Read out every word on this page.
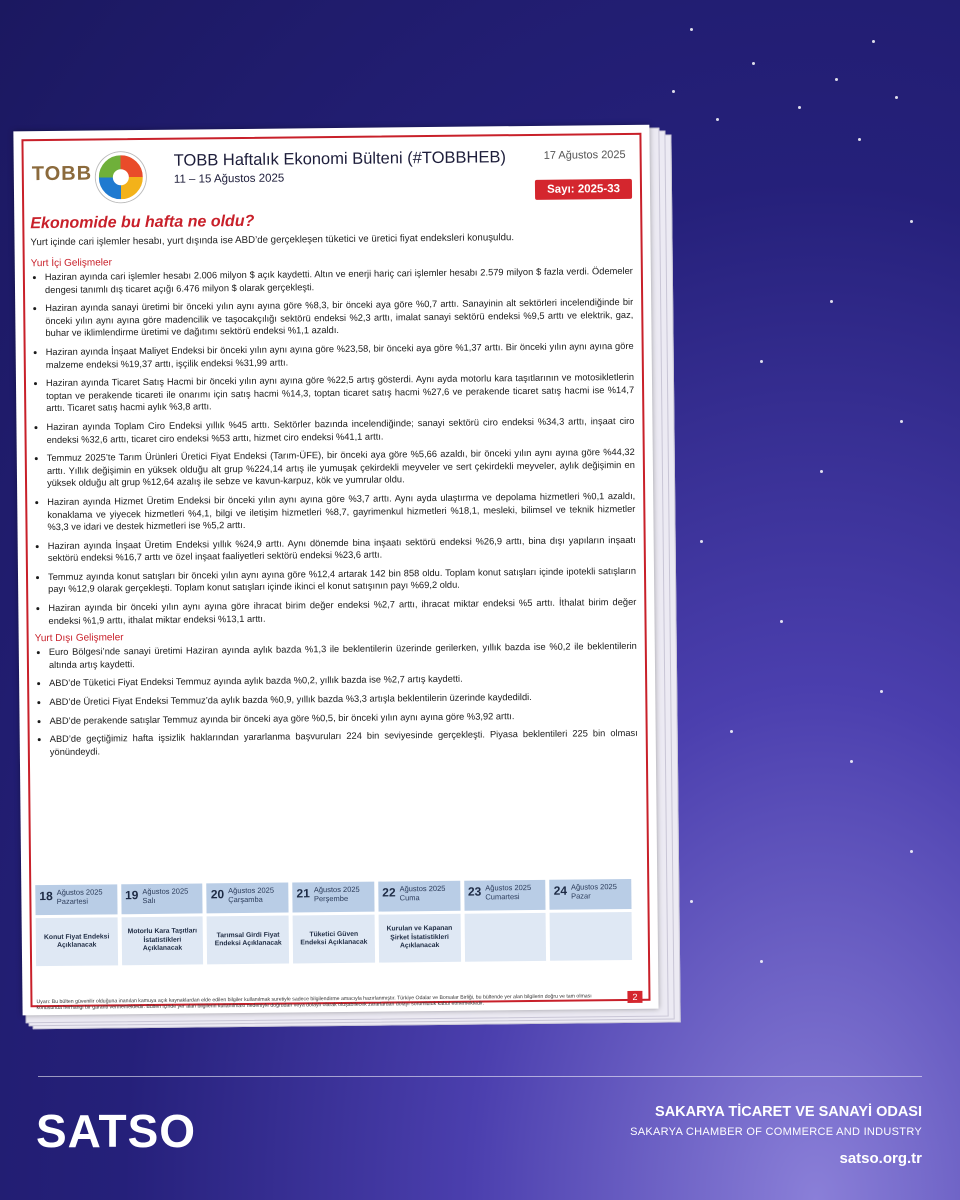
TOBB
TOBB Haftalık Ekonomi Bülteni (#TOBBHEB)
11 – 15 Ağustos 2025
17 Ağustos 2025
Sayı: 2025-33

Ekonomide bu hafta ne oldu?

Yurt içinde cari işlemler hesabı, yurt dışında ise ABD’de gerçekleşen tüketici ve üretici fiyat endeksleri konuşuldu.

Yurt İçi Gelişmeler
• Haziran ayında cari işlemler hesabı 2.006 milyon $ açık kaydetti. Altın ve enerji hariç cari işlemler hesabı 2.579 milyon $ fazla verdi. Ödemeler dengesi tanımlı dış ticaret açığı 6.476 milyon $ olarak gerçekleşti.
• Haziran ayında sanayi üretimi bir önceki yılın aynı ayına göre %8,3, bir önceki aya göre %0,7 arttı. Sanayinin alt sektörleri incelendiğinde bir önceki yılın aynı ayına göre madencilik ve taşocakçılığı sektörü endeksi %2,3 arttı, imalat sanayi sektörü endeksi %9,5 arttı ve elektrik, gaz, buhar ve iklimlendirme üretimi ve dağıtımı sektörü endeksi %1,1 azaldı.
• Haziran ayında İnşaat Maliyet Endeksi bir önceki yılın aynı ayına göre %23,58, bir önceki aya göre %1,37 arttı. Bir önceki yılın aynı ayına göre malzeme endeksi %19,37 arttı, işçilik endeksi %31,99 arttı.
• Haziran ayında Ticaret Satış Hacmi bir önceki yılın aynı ayına göre %22,5 artış gösterdi. Aynı ayda motorlu kara taşıtlarının ve motosikletlerin toptan ve perakende ticareti ile onarımı için satış hacmi %14,3, toptan ticaret satış hacmi %27,6 ve perakende ticaret satış hacmi ise %14,7 arttı. Ticaret satış hacmi aylık %3,8 arttı.
• Haziran ayında Toplam Ciro Endeksi yıllık %45 arttı. Sektörler bazında incelendiğinde; sanayi sektörü ciro endeksi %34,3 arttı, inşaat ciro endeksi %32,6 arttı, ticaret ciro endeksi %53 arttı, hizmet ciro endeksi %41,1 arttı.
• Temmuz 2025’te Tarım Ürünleri Üretici Fiyat Endeksi (Tarım-ÜFE), bir önceki aya göre %5,66 azaldı, bir önceki yılın aynı ayına göre %44,32 arttı. Yıllık değişimin en yüksek olduğu alt grup %224,14 artış ile yumuşak çekirdekli meyveler ve sert çekirdekli meyveler, aylık değişimin en yüksek olduğu alt grup %12,64 azalış ile sebze ve kavun-karpuz, kök ve yumrular oldu.
• Haziran ayında Hizmet Üretim Endeksi bir önceki yılın aynı ayına göre %3,7 arttı. Aynı ayda ulaştırma ve depolama hizmetleri %0,1 azaldı, konaklama ve yiyecek hizmetleri %4,1, bilgi ve iletişim hizmetleri %8,7, gayrimenkul hizmetleri %18,1, mesleki, bilimsel ve teknik hizmetler %3,3 ve idari ve destek hizmetleri ise %5,2 arttı.
• Haziran ayında İnşaat Üretim Endeksi yıllık %24,9 arttı. Aynı dönemde bina inşaatı sektörü endeksi %26,9 arttı, bina dışı yapıların inşaatı sektörü endeksi %16,7 arttı ve özel inşaat faaliyetleri sektörü endeksi %23,6 arttı.
• Temmuz ayında konut satışları bir önceki yılın aynı ayına göre %12,4 artarak 142 bin 858 oldu. Toplam konut satışları içinde ipotekli satışların payı %12,9 olarak gerçekleşti. Toplam konut satışları içinde ikinci el konut satışının payı %69,2 oldu.
• Haziran ayında bir önceki yılın aynı ayına göre ihracat birim değer endeksi %2,7 arttı, ihracat miktar endeksi %5 arttı. İthalat birim değer endeksi %1,9 arttı, ithalat miktar endeksi %13,1 arttı.
Yurt Dışı Gelişmeler
• Euro Bölgesi’nde sanayi üretimi Haziran ayında aylık bazda %1,3 ile beklentilerin üzerinde gerilerken, yıllık bazda ise %0,2 ile beklentilerin altında artış kaydetti.
• ABD’de Tüketici Fiyat Endeksi Temmuz ayında aylık bazda %0,2, yıllık bazda ise %2,7 artış kaydetti.
• ABD’de Üretici Fiyat Endeksi Temmuz’da aylık bazda %0,9, yıllık bazda %3,3 artışla beklentilerin üzerinde kaydedildi.
• ABD’de perakende satışlar Temmuz ayında bir önceki aya göre %0,5, bir önceki yılın aynı ayına göre %3,92 arttı.
• ABD’de geçtiğimiz hafta işsizlik haklarından yararlanma başvuruları 224 bin seviyesinde gerçekleşti. Piyasa beklentileri 225 bin olması yönündeydi.
18 Ağustos 2025
Pazartesi
Konut Fiyat Endeksi Açıklanacak
19 Ağustos 2025
Salı
Motorlu Kara Taşıtları İstatistikleri Açıklanacak
20 Ağustos 2025
Çarşamba
Tarımsal Girdi Fiyat Endeksi Açıklanacak
21 Ağustos 2025
Perşembe
Tüketici Güven Endeksi Açıklanacak
22 Ağustos 2025
Cuma
Kurulan ve Kapanan Şirket İstatistikleri Açıklanacak
23 Ağustos 2025
Cumartesi	24 Ağustos 2025
Pazar
Uyarı: Bu bülten güvenilir olduğuna inanılan kamuya açık kaynaklardan elde edilen bilgiler kullanılmak suretiyle sadece bilgilendirme amacıyla hazırlanmıştır. Türkiye Odalar ve Borsalar Birliği, bu bültende yer alan bilgilerin doğru ve tam olması konusunda herhangi bir garanti vermemektedir. Bülten içinde yer alan bilgilerin kullanılması nedeniyle doğrudan veya dolaylı olarak oluşabilecek zararlardan dolayı sorumluluk kabul etmemektedir.
2
SATSO	SAKARYA TİCARET VE SANAYİ ODASI
SAKARYA CHAMBER OF COMMERCE AND INDUSTRY
satso.org.tr
